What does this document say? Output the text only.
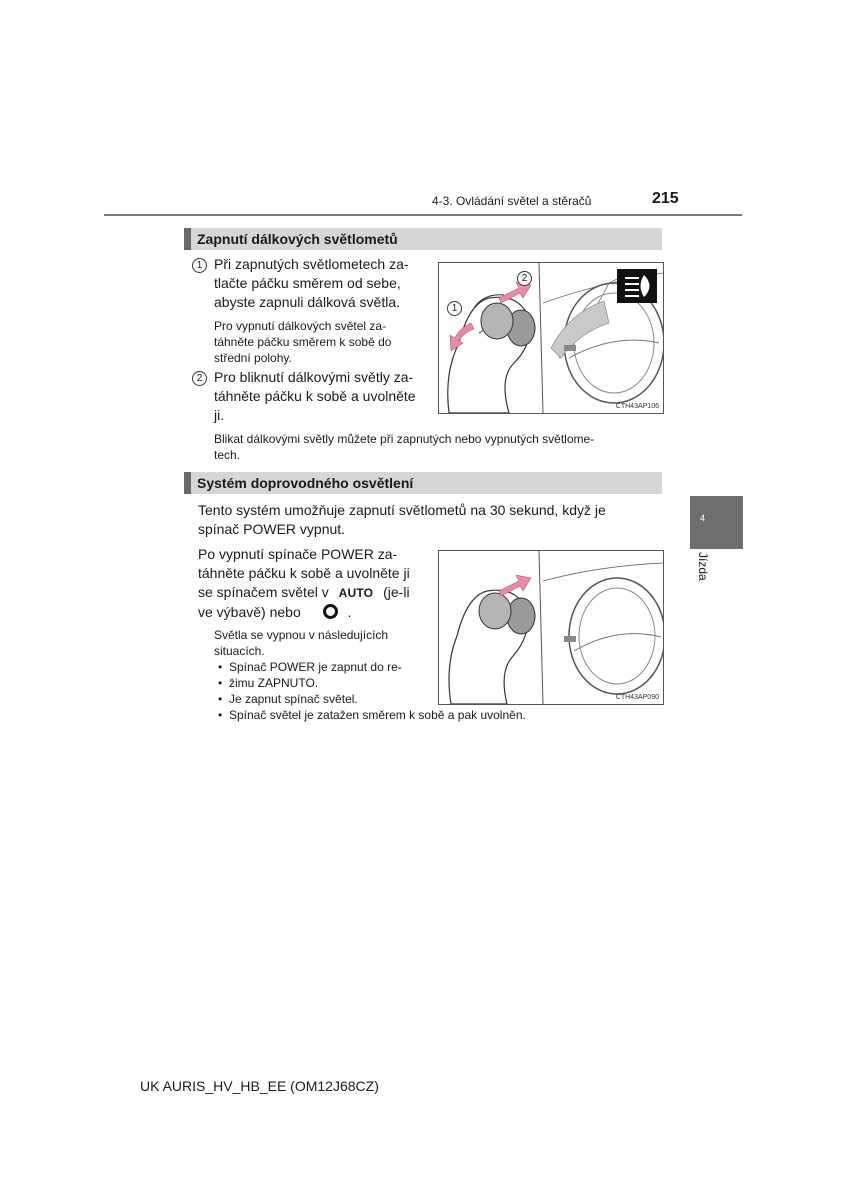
4-3. Ovládání světel a stěračů	215
Zapnutí dálkových světlometů
1 Při zapnutých světlometech za-
tlačte páčku směrem od sebe,
abyste zapnuli dálková světla.
Pro vypnutí dálkových světel za-
táhněte páčku směrem k sobě do
střední polohy.
2 Pro bliknutí dálkovými světly za-
táhněte páčku k sobě a uvolněte
ji.
2
1
CTH43AP106
Blikat dálkovými světly můžete při zapnutých nebo vypnutých světlome-
tech.
Systém doprovodného osvětlení
Tento systém umožňuje zapnutí světlometů na 30 sekund, když je
spínač POWER vypnut.
Po vypnutí spínače POWER za-
táhněte páčku k sobě a uvolněte ji
se spínačem světel v AUTO (je-li
ve výbavě) nebo	.
Světla se vypnou v následujících
situacích.
• Spínač POWER je zapnut do re-
• žimu ZAPNUTO.
• Je zapnut spínač světel.
• Spínač světel je zatažen směrem k sobě a pak uvolněn.
CTH43AP090
4
Jízda
UK AURIS_HV_HB_EE (OM12J68CZ)
